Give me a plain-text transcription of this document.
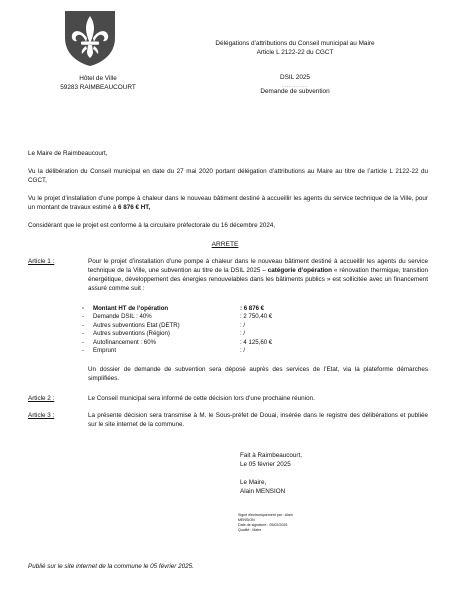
Hôtel de Ville
59283 RAIMBEAUCOURT
Délégations d’attributions du Conseil municipal au Maire
Article L 2122-22 du CGCT
DSIL 2025
-----------
Demande de subvention
Le Maire de Raimbeaucourt,
Vu la délibération du Conseil municipal en date du 27 mai 2020 portant délégation d’attributions au Maire au titre de l’article L 2122-22 du CGCT,
Vu le projet d’installation d’une pompe à chaleur dans le nouveau bâtiment destiné à accueillir les agents du service technique de la Ville, pour un montant de travaux estimé à 6 876 € HT,
Considérant que le projet est conforme à la circulaire préfectorale du 16 décembre 2024,
ARRETE
Article 1 :	Pour le projet d’installation d’une pompe à chaleur dans le nouveau bâtiment destiné à accueillir les agents du service technique de la Ville, une subvention au titre de la DSIL 2025 – catégorie d’opération « rénovation thermique, transition énergétique, développement des énergies renouvelables dans les bâtiments publics » est sollicitée avec un financement assuré comme suit :
-	Montant HT de l’opération	: 6 876 €
-	Demande DSIL : 40%	: 2 750,40 €
-	Autres subventions Etat (DETR)	: /
-	Autres subventions (Région)	: /
-	Autofinancement : 60%	: 4 125,60 €
-	Emprunt	: /
Un dossier de demande de subvention sera déposé auprès des services de l’Etat, via la plateforme démarches simplifiées.
Article 2 :	Le Conseil municipal sera informé de cette décision lors d’une prochaine réunion.
Article 3 :	La présente décision sera transmise à M. le Sous-préfet de Douai, insérée dans le registre des délibérations et publiée sur le site internet de la commune.
Fait à Raimbeaucourt,
Le 05 février 2025
Le Maire,
Alain MENSION
Signé électroniquement par : Alain
MENSION
Date de signature : 05/02/2025
Qualité : Maire
Publié sur le site internet de la commune le 05 février 2025.
